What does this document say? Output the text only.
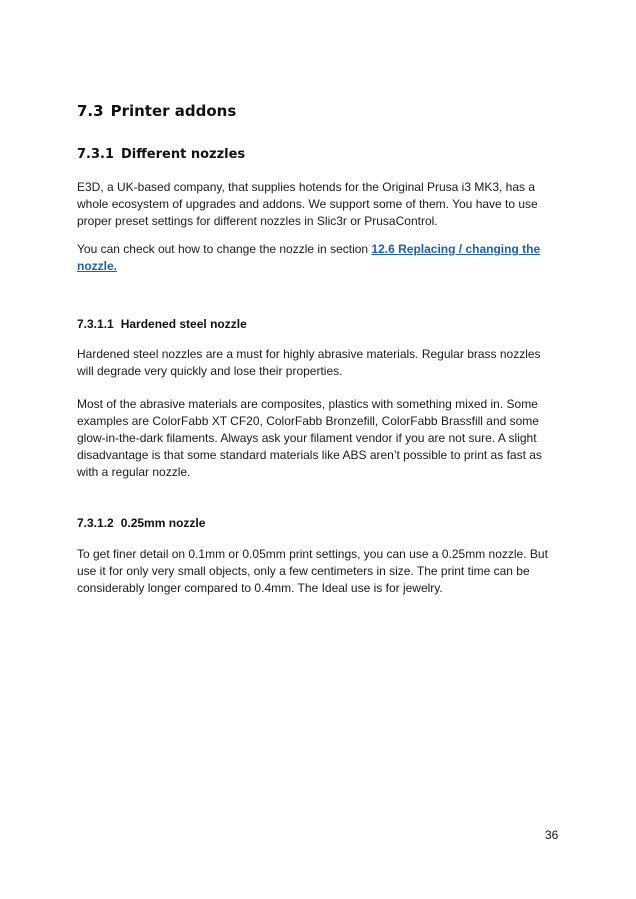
7.3 Printer addons
7.3.1 Different nozzles

E3D, a UK-based company, that supplies hotends for the Original Prusa i3 MK3, has a whole ecosystem of upgrades and addons. We support some of them. You have to use proper preset settings for different nozzles in Slic3r or PrusaControl.

You can check out how to change the nozzle in section 12.6 Replacing / changing the nozzle.

7.3.1.1 Hardened steel nozzle

Hardened steel nozzles are a must for highly abrasive materials. Regular brass nozzles will degrade very quickly and lose their properties.

Most of the abrasive materials are composites, plastics with something mixed in. Some examples are ColorFabb XT CF20, ColorFabb Bronzefill, ColorFabb Brassfill and some glow-in-the-dark filaments. Always ask your filament vendor if you are not sure. A slight disadvantage is that some standard materials like ABS aren’t possible to print as fast as with a regular nozzle.

7.3.1.2 0.25mm nozzle

To get finer detail on 0.1mm or 0.05mm print settings, you can use a 0.25mm nozzle. But use it for only very small objects, only a few centimeters in size. The print time can be considerably longer compared to 0.4mm. The Ideal use is for jewelry.

36
